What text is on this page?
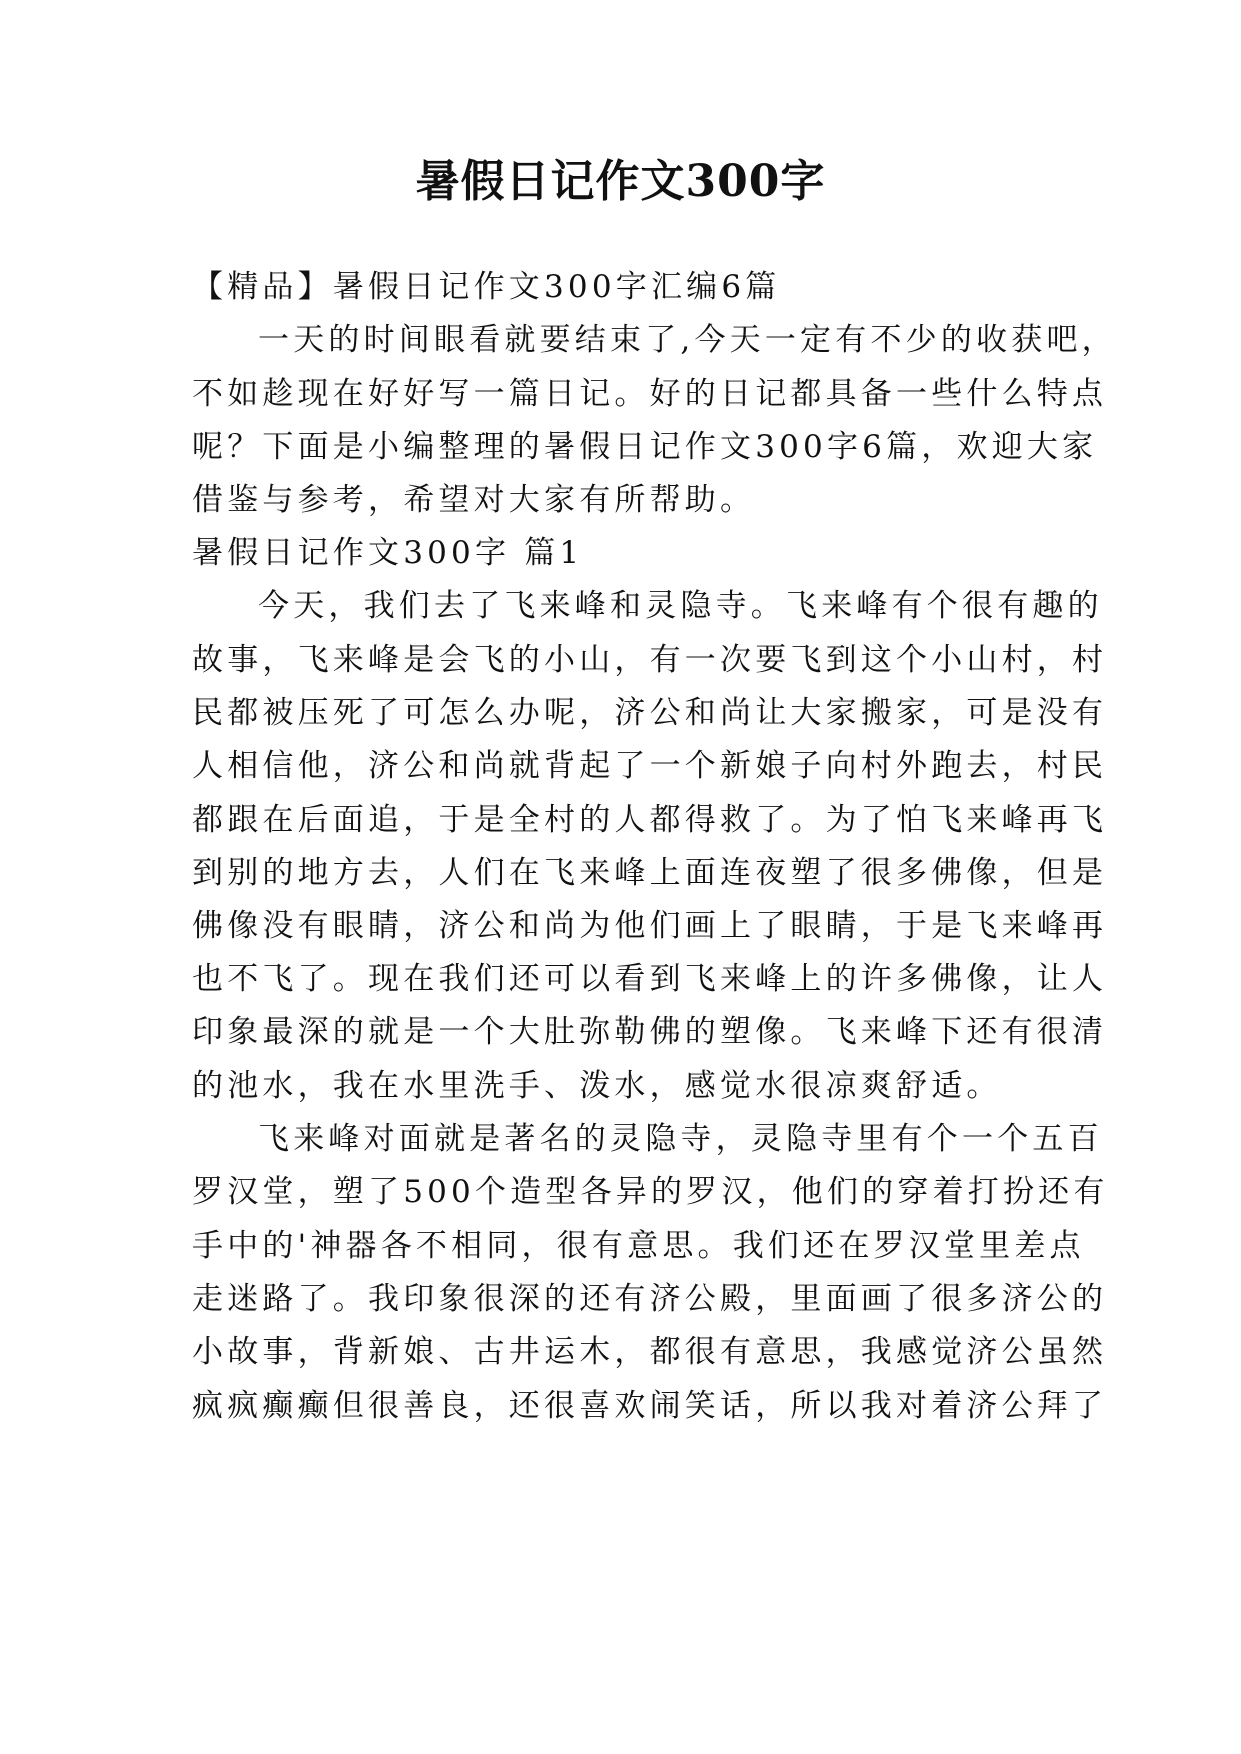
暑假日记作文300字

【精品】暑假日记作文300字汇编6篇

一天的时间眼看就要结束了,今天一定有不少的收获吧，

不如趁现在好好写一篇日记。好的日记都具备一些什么特点

呢？下面是小编整理的暑假日记作文300字6篇，欢迎大家

借鉴与参考，希望对大家有所帮助。

暑假日记作文300字 篇1

今天，我们去了飞来峰和灵隐寺。飞来峰有个很有趣的

故事，飞来峰是会飞的小山，有一次要飞到这个小山村，村

民都被压死了可怎么办呢，济公和尚让大家搬家，可是没有

人相信他，济公和尚就背起了一个新娘子向村外跑去，村民

都跟在后面追，于是全村的人都得救了。为了怕飞来峰再飞

到别的地方去，人们在飞来峰上面连夜塑了很多佛像，但是

佛像没有眼睛，济公和尚为他们画上了眼睛，于是飞来峰再

也不飞了。现在我们还可以看到飞来峰上的许多佛像，让人

印象最深的就是一个大肚弥勒佛的塑像。飞来峰下还有很清

的池水，我在水里洗手、泼水，感觉水很凉爽舒适。

飞来峰对面就是著名的灵隐寺，灵隐寺里有个一个五百

罗汉堂，塑了500个造型各异的罗汉，他们的穿着打扮还有

手中的'神器各不相同，很有意思。我们还在罗汉堂里差点

走迷路了。我印象很深的还有济公殿，里面画了很多济公的

小故事，背新娘、古井运木，都很有意思，我感觉济公虽然

疯疯癫癫但很善良，还很喜欢闹笑话，所以我对着济公拜了
